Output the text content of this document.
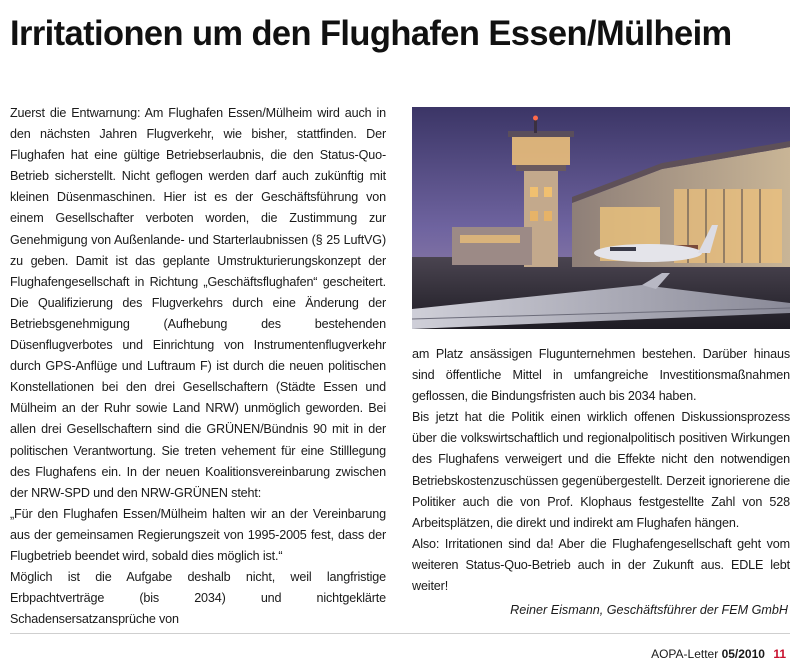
Irritationen um den Flughafen Essen/Mülheim

Zuerst die Entwarnung: Am Flughafen Essen/Mülheim wird auch in den nächsten Jahren Flugverkehr, wie bisher, stattfinden. Der Flughafen hat eine gültige Betriebserlaubnis, die den Status-Quo-Betrieb sicherstellt. Nicht geflogen werden darf auch zukünftig mit kleinen Düsenmaschinen. Hier ist es der Geschäftsführung von einem Gesellschafter verboten worden, die Zustimmung zur Genehmigung von Außenlande- und Starterlaubnissen (§ 25 LuftVG) zu geben. Damit ist das geplante Umstrukturierungskonzept der Flughafengesellschaft in Richtung „Geschäftsflughafen“ gescheitert. Die Qualifizierung des Flugverkehrs durch eine Änderung der Betriebsgenehmigung (Aufhebung des bestehenden Düsenflugverbotes und Einrichtung von Instrumentenflugverkehr durch GPS-Anflüge und Luftraum F) ist durch die neuen politischen Konstellationen bei den drei Gesellschaftern (Städte Essen und Mülheim an der Ruhr sowie Land NRW) unmöglich geworden. Bei allen drei Gesellschaftern sind die GRÜNEN/Bündnis 90 mit in der politischen Verantwortung. Sie treten vehement für eine Stilllegung des Flughafens ein. In der neuen Koalitionsvereinbarung zwischen der NRW-SPD und den NRW-GRÜNEN steht:

„Für den Flughafen Essen/Mülheim halten wir an der Vereinbarung aus der gemeinsamen Regierungszeit von 1995-2005 fest, dass der Flugbetrieb beendet wird, sobald dies möglich ist.“

Möglich ist die Aufgabe deshalb nicht, weil langfristige Erbpachtverträge (bis 2034) und nichtgeklärte Schadensersatzansprüche von

am Platz ansässigen Flugunternehmen bestehen. Darüber hinaus sind öffentliche Mittel in umfangreiche Investitionsmaßnahmen geflossen, die Bindungsfristen auch bis 2034 haben.

Bis jetzt hat die Politik einen wirklich offenen Diskussionsprozess über die volkswirtschaftlich und regionalpolitisch positiven Wirkungen des Flughafens verweigert und die Effekte nicht den notwendigen Betriebskostenzuschüssen gegenübergestellt. Derzeit ignorierene die Politiker auch die von Prof. Klophaus festgestellte Zahl von 528 Arbeitsplätzen, die direkt und indirekt am Flughafen hängen.

Also: Irritationen sind da! Aber die Flughafengesellschaft geht vom weiteren Status-Quo-Betrieb auch in der Zukunft aus. EDLE lebt weiter!

Reiner Eismann, Geschäftsführer der FEM GmbH
AOPA-Letter 05/2010 11
